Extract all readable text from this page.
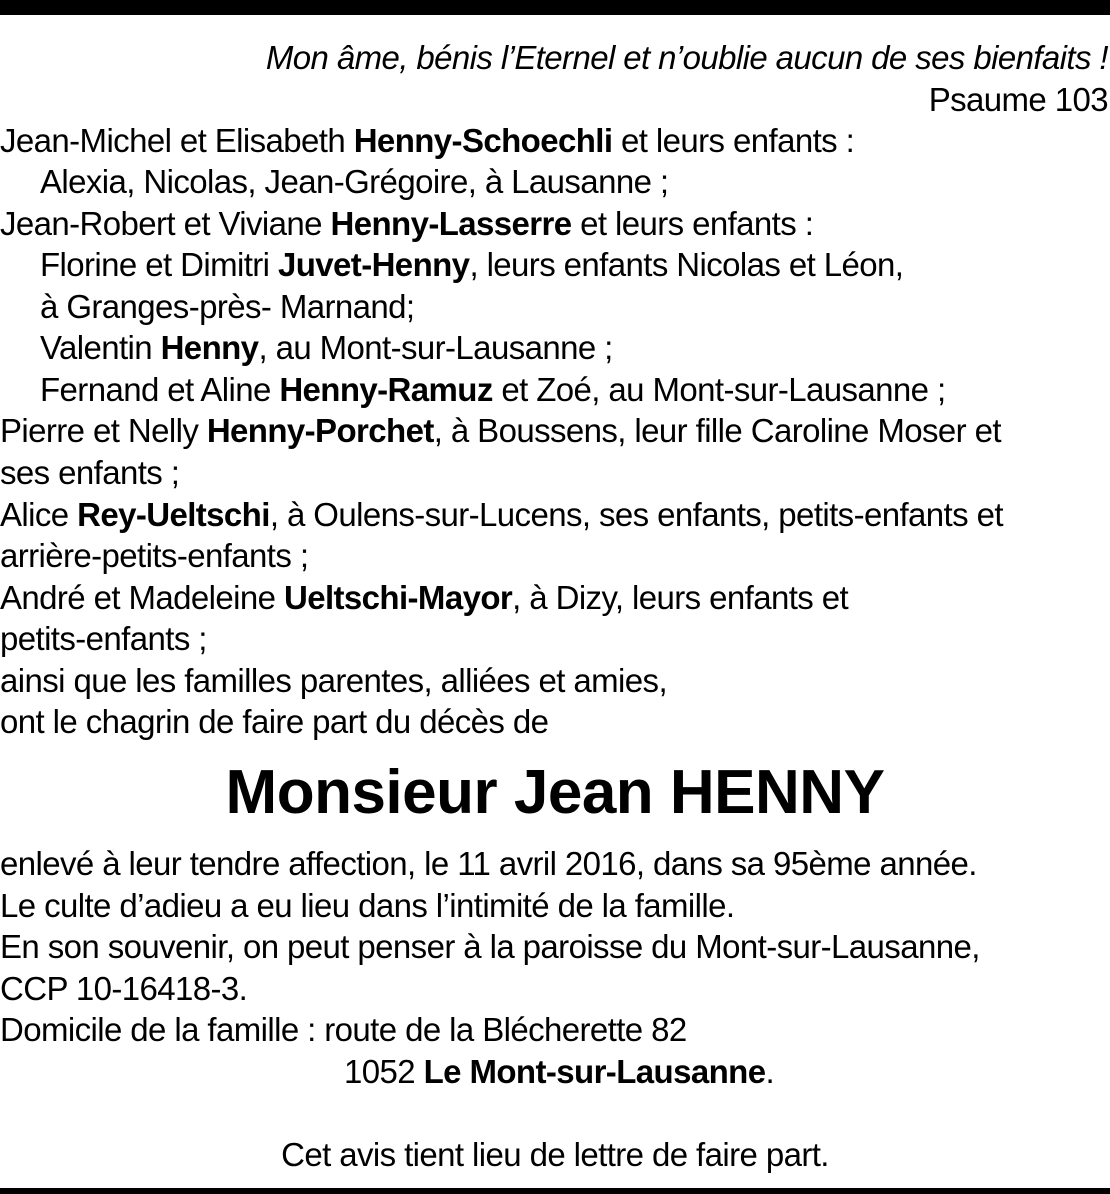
Mon âme, bénis l’Eternel et n’oublie aucun de ses bienfaits !
Psaume 103
Jean-Michel et Elisabeth Henny-Schoechli et leurs enfants :
Alexia, Nicolas, Jean-Grégoire, à Lausanne ;
Jean-Robert et Viviane Henny-Lasserre et leurs enfants :
Florine et Dimitri Juvet-Henny, leurs enfants Nicolas et Léon,
à Granges-près- Marnand;
Valentin Henny, au Mont-sur-Lausanne ;
Fernand et Aline Henny-Ramuz et Zoé, au Mont-sur-Lausanne ;
Pierre et Nelly Henny-Porchet, à Boussens, leur fille Caroline Moser et
ses enfants ;
Alice Rey-Ueltschi, à Oulens-sur-Lucens, ses enfants, petits-enfants et
arrière-petits-enfants ;
André et Madeleine Ueltschi-Mayor, à Dizy, leurs enfants et
petits-enfants ;
ainsi que les familles parentes, alliées et amies,
ont le chagrin de faire part du décès de
Monsieur Jean HENNY
enlevé à leur tendre affection, le 11 avril 2016, dans sa 95ème année.
Le culte d’adieu a eu lieu dans l’intimité de la famille.
En son souvenir, on peut penser à la paroisse du Mont-sur-Lausanne,
CCP 10-16418-3.
Domicile de la famille : route de la Blécherette 82
1052 Le Mont-sur-Lausanne.
Cet avis tient lieu de lettre de faire part.
